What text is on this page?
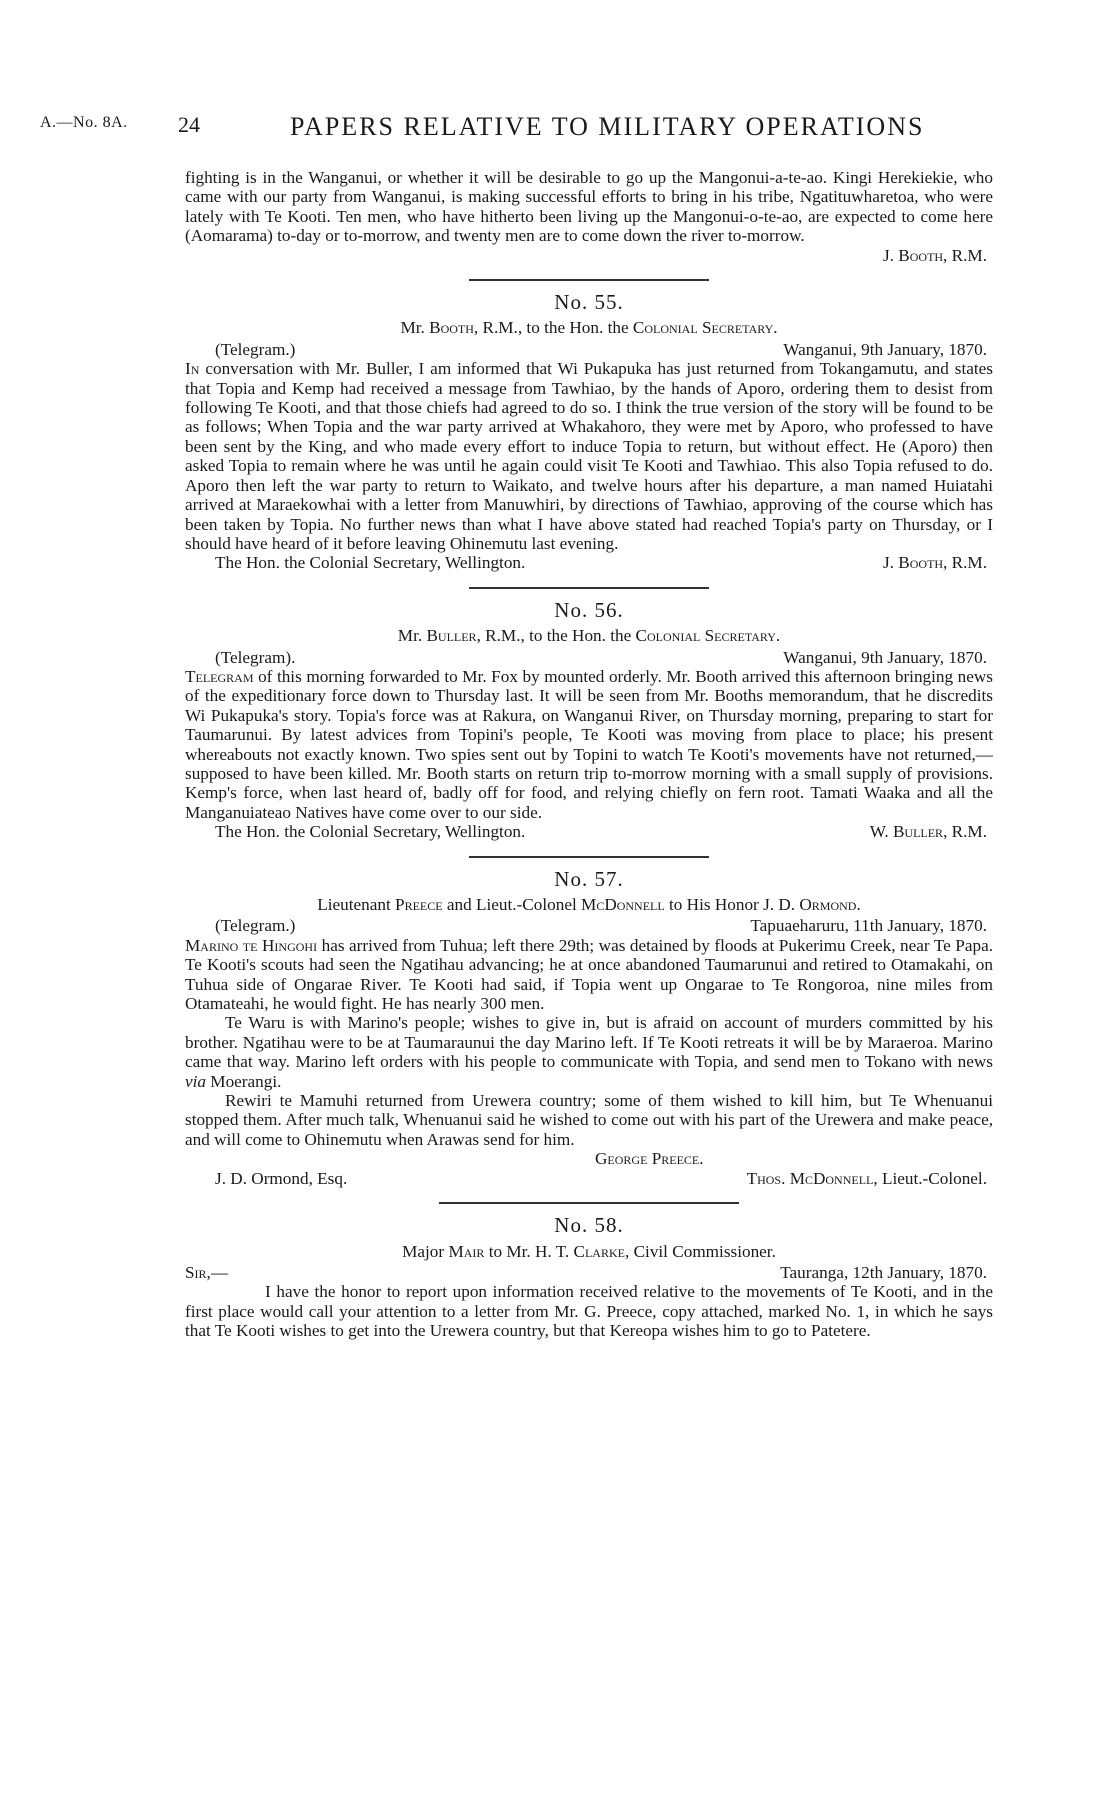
A.—No. 8A. 24	PAPERS RELATIVE TO MILITARY OPERATIONS

fighting is in the Wanganui, or whether it will be desirable to go up the Mangonui-a-te-ao. Kingi Herekiekie, who came with our party from Wanganui, is making successful efforts to bring in his tribe, Ngatituwharetoa, who were lately with Te Kooti. Ten men, who have hitherto been living up the Mangonui-o-te-ao, are expected to come here (Aomarama) to-day or to-morrow, and twenty men are to come down the river to-morrow.

J. Booth, R.M.
No. 55.
Mr. Booth, R.M., to the Hon. the Colonial Secretary.
(Telegram.)	Wanganui, 9th January, 1870.

In conversation with Mr. Buller, I am informed that Wi Pukapuka has just returned from Tokangamutu, and states that Topia and Kemp had received a message from Tawhiao, by the hands of Aporo, ordering them to desist from following Te Kooti, and that those chiefs had agreed to do so. I think the true version of the story will be found to be as follows; When Topia and the war party arrived at Whakahoro, they were met by Aporo, who professed to have been sent by the King, and who made every effort to induce Topia to return, but without effect. He (Aporo) then asked Topia to remain where he was until he again could visit Te Kooti and Tawhiao. This also Topia refused to do. Aporo then left the war party to return to Waikato, and twelve hours after his departure, a man named Huiatahi arrived at Maraekowhai with a letter from Manuwhiri, by directions of Tawhiao, approving of the course which has been taken by Topia. No further news than what I have above stated had reached Topia's party on Thursday, or I should have heard of it before leaving Ohinemutu last evening.

The Hon. the Colonial Secretary, Wellington.	J. Booth, R.M.
No. 56.
Mr. Buller, R.M., to the Hon. the Colonial Secretary.
(Telegram).	Wanganui, 9th January, 1870.

Telegram of this morning forwarded to Mr. Fox by mounted orderly. Mr. Booth arrived this afternoon bringing news of the expeditionary force down to Thursday last. It will be seen from Mr. Booths memorandum, that he discredits Wi Pukapuka's story. Topia's force was at Rakura, on Wanganui River, on Thursday morning, preparing to start for Taumarunui. By latest advices from Topini's people, Te Kooti was moving from place to place; his present whereabouts not exactly known. Two spies sent out by Topini to watch Te Kooti's movements have not returned,—supposed to have been killed. Mr. Booth starts on return trip to-morrow morning with a small supply of provisions. Kemp's force, when last heard of, badly off for food, and relying chiefly on fern root. Tamati Waaka and all the Manganuiateao Natives have come over to our side.

The Hon. the Colonial Secretary, Wellington.	W. Buller, R.M.
No. 57.
Lieutenant Preece and Lieut.-Colonel McDonnell to His Honor J. D. Ormond.
(Telegram.)	Tapuaeharuru, 11th January, 1870.

Marino te Hingohi has arrived from Tuhua; left there 29th; was detained by floods at Pukerimu Creek, near Te Papa. Te Kooti's scouts had seen the Ngatihau advancing; he at once abandoned Taumarunui and retired to Otamakahi, on Tuhua side of Ongarae River. Te Kooti had said, if Topia went up Ongarae to Te Rongoroa, nine miles from Otamateahi, he would fight. He has nearly 300 men.

Te Waru is with Marino's people; wishes to give in, but is afraid on account of murders committed by his brother. Ngatihau were to be at Taumaraunui the day Marino left. If Te Kooti retreats it will be by Maraeroa. Marino came that way. Marino left orders with his people to communicate with Topia, and send men to Tokano with news via Moerangi.

Rewiri te Mamuhi returned from Urewera country; some of them wished to kill him, but Te Whenuanui stopped them. After much talk, Whenuanui said he wished to come out with his part of the Urewera and make peace, and will come to Ohinemutu when Arawas send for him.

George Preece.
J. D. Ormond, Esq.	Thos. McDonnell, Lieut.-Colonel.
No. 58.
Major Mair to Mr. H. T. Clarke, Civil Commissioner.
Sir,—	Tauranga, 12th January, 1870.

I have the honor to report upon information received relative to the movements of Te Kooti, and in the first place would call your attention to a letter from Mr. G. Preece, copy attached, marked No. 1, in which he says that Te Kooti wishes to get into the Urewera country, but that Kereopa wishes him to go to Patetere.
